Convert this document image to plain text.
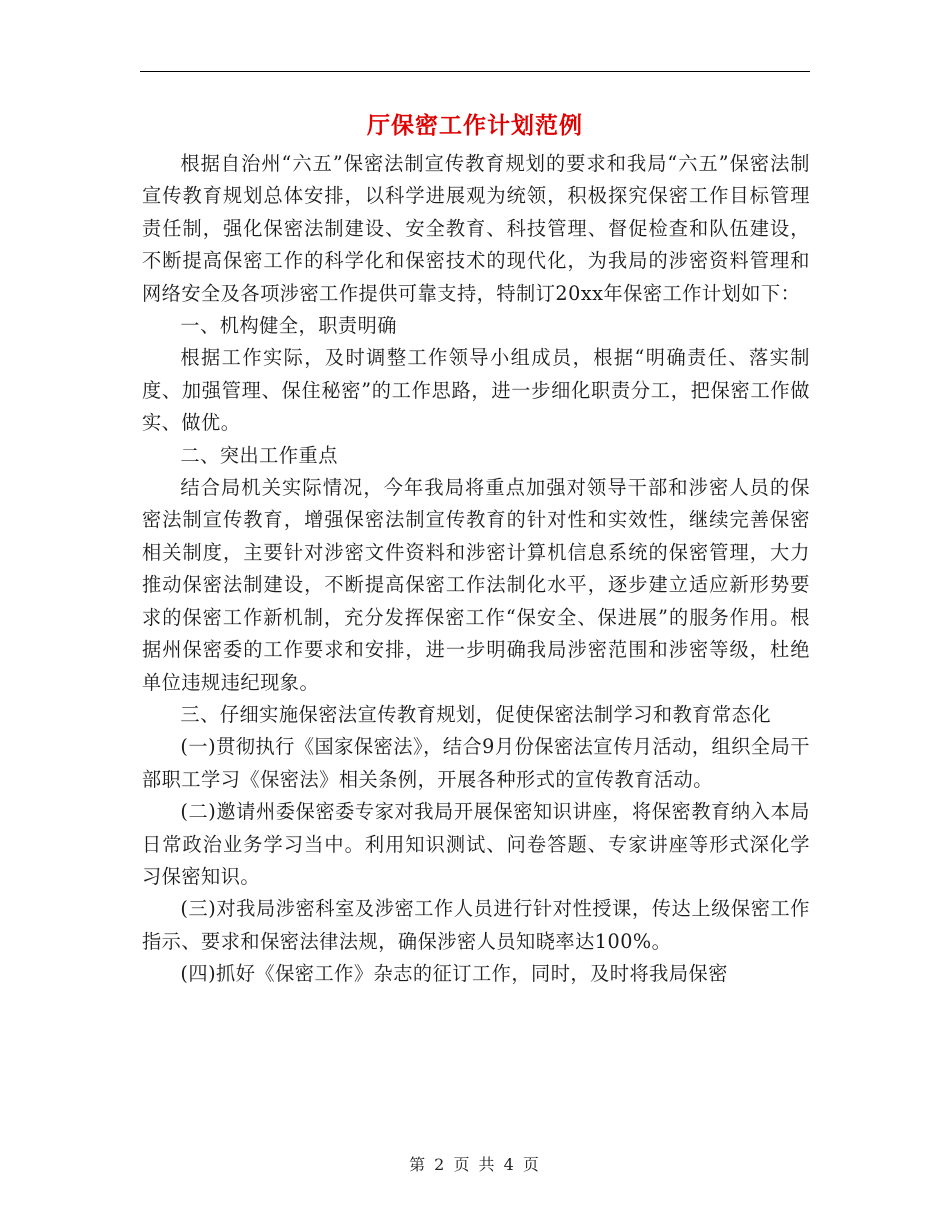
厅保密工作计划范例

根据自治州“六五”保密法制宣传教育规划的要求和我局“六五”保密法制宣传教育规划总体安排，以科学进展观为统领，积极探究保密工作目标管理责任制，强化保密法制建设、安全教育、科技管理、督促检查和队伍建设，不断提高保密工作的科学化和保密技术的现代化，为我局的涉密资料管理和网络安全及各项涉密工作提供可靠支持，特制订20xx年保密工作计划如下：

一、机构健全，职责明确

根据工作实际，及时调整工作领导小组成员，根据“明确责任、落实制度、加强管理、保住秘密”的工作思路，进一步细化职责分工，把保密工作做实、做优。

二、突出工作重点

结合局机关实际情况，今年我局将重点加强对领导干部和涉密人员的保密法制宣传教育，增强保密法制宣传教育的针对性和实效性，继续完善保密相关制度，主要针对涉密文件资料和涉密计算机信息系统的保密管理，大力推动保密法制建设，不断提高保密工作法制化水平，逐步建立适应新形势要求的保密工作新机制，充分发挥保密工作“保安全、保进展”的服务作用。根据州保密委的工作要求和安排，进一步明确我局涉密范围和涉密等级，杜绝单位违规违纪现象。

三、仔细实施保密法宣传教育规划，促使保密法制学习和教育常态化

(一)贯彻执行《国家保密法》，结合9月份保密法宣传月活动，组织全局干部职工学习《保密法》相关条例，开展各种形式的宣传教育活动。

(二)邀请州委保密委专家对我局开展保密知识讲座，将保密教育纳入本局日常政治业务学习当中。利用知识测试、问卷答题、专家讲座等形式深化学习保密知识。

(三)对我局涉密科室及涉密工作人员进行针对性授课，传达上级保密工作指示、要求和保密法律法规，确保涉密人员知晓率达100%。

(四)抓好《保密工作》杂志的征订工作，同时，及时将我局保密

第 2 页 共 4 页
